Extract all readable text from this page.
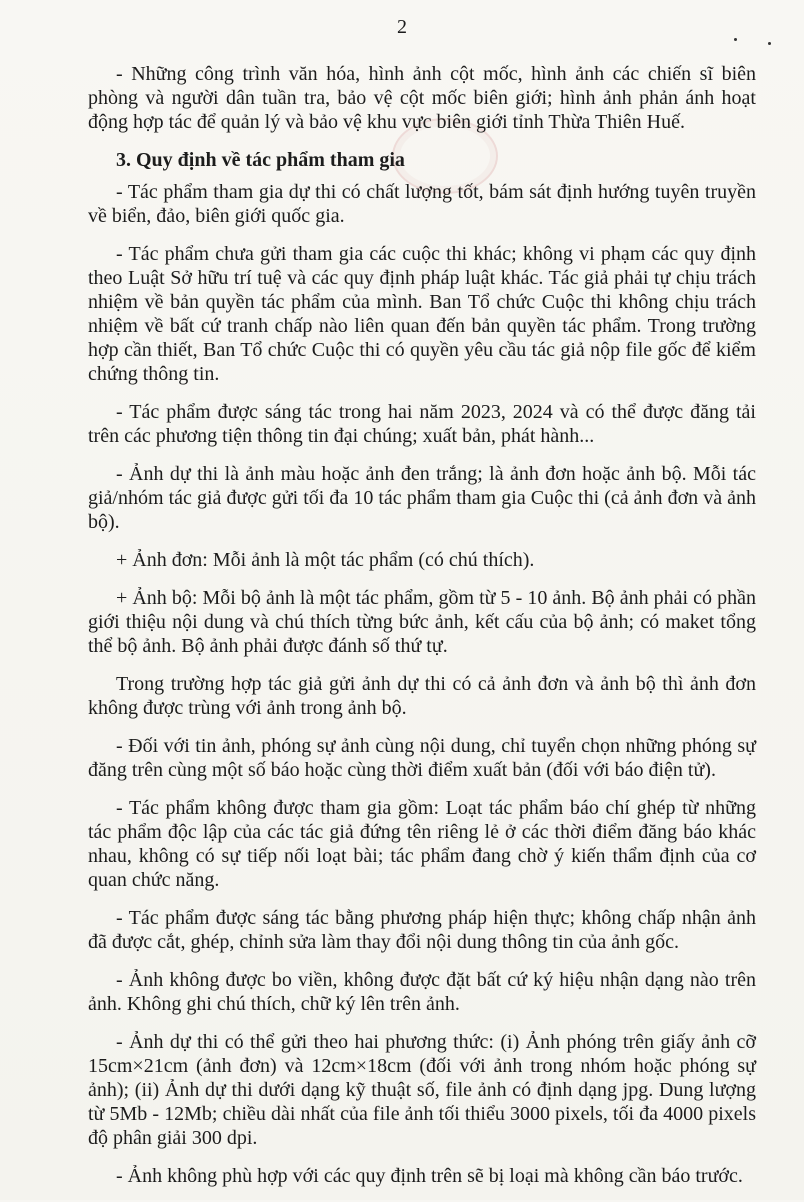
2

- Những công trình văn hóa, hình ảnh cột mốc, hình ảnh các chiến sĩ biên phòng và người dân tuần tra, bảo vệ cột mốc biên giới; hình ảnh phản ánh hoạt động hợp tác để quản lý và bảo vệ khu vực biên giới tỉnh Thừa Thiên Huế.

3. Quy định về tác phẩm tham gia

- Tác phẩm tham gia dự thi có chất lượng tốt, bám sát định hướng tuyên truyền về biển, đảo, biên giới quốc gia.

- Tác phẩm chưa gửi tham gia các cuộc thi khác; không vi phạm các quy định theo Luật Sở hữu trí tuệ và các quy định pháp luật khác. Tác giả phải tự chịu trách nhiệm về bản quyền tác phẩm của mình. Ban Tổ chức Cuộc thi không chịu trách nhiệm về bất cứ tranh chấp nào liên quan đến bản quyền tác phẩm. Trong trường hợp cần thiết, Ban Tổ chức Cuộc thi có quyền yêu cầu tác giả nộp file gốc để kiểm chứng thông tin.

- Tác phẩm được sáng tác trong hai năm 2023, 2024 và có thể được đăng tải trên các phương tiện thông tin đại chúng; xuất bản, phát hành...

- Ảnh dự thi là ảnh màu hoặc ảnh đen trắng; là ảnh đơn hoặc ảnh bộ. Mỗi tác giả/nhóm tác giả được gửi tối đa 10 tác phẩm tham gia Cuộc thi (cả ảnh đơn và ảnh bộ).

+ Ảnh đơn: Mỗi ảnh là một tác phẩm (có chú thích).

+ Ảnh bộ: Mỗi bộ ảnh là một tác phẩm, gồm từ 5 - 10 ảnh. Bộ ảnh phải có phần giới thiệu nội dung và chú thích từng bức ảnh, kết cấu của bộ ảnh; có maket tổng thể bộ ảnh. Bộ ảnh phải được đánh số thứ tự.

Trong trường hợp tác giả gửi ảnh dự thi có cả ảnh đơn và ảnh bộ thì ảnh đơn không được trùng với ảnh trong ảnh bộ.

- Đối với tin ảnh, phóng sự ảnh cùng nội dung, chỉ tuyển chọn những phóng sự đăng trên cùng một số báo hoặc cùng thời điểm xuất bản (đối với báo điện tử).

- Tác phẩm không được tham gia gồm: Loạt tác phẩm báo chí ghép từ những tác phẩm độc lập của các tác giả đứng tên riêng lẻ ở các thời điểm đăng báo khác nhau, không có sự tiếp nối loạt bài; tác phẩm đang chờ ý kiến thẩm định của cơ quan chức năng.

- Tác phẩm được sáng tác bằng phương pháp hiện thực; không chấp nhận ảnh đã được cắt, ghép, chỉnh sửa làm thay đổi nội dung thông tin của ảnh gốc.

- Ảnh không được bo viền, không được đặt bất cứ ký hiệu nhận dạng nào trên ảnh. Không ghi chú thích, chữ ký lên trên ảnh.

- Ảnh dự thi có thể gửi theo hai phương thức: (i) Ảnh phóng trên giấy ảnh cỡ 15cm×21cm (ảnh đơn) và 12cm×18cm (đối với ảnh trong nhóm hoặc phóng sự ảnh); (ii) Ảnh dự thi dưới dạng kỹ thuật số, file ảnh có định dạng jpg. Dung lượng từ 5Mb - 12Mb; chiều dài nhất của file ảnh tối thiểu 3000 pixels, tối đa 4000 pixels độ phân giải 300 dpi.

- Ảnh không phù hợp với các quy định trên sẽ bị loại mà không cần báo trước.
